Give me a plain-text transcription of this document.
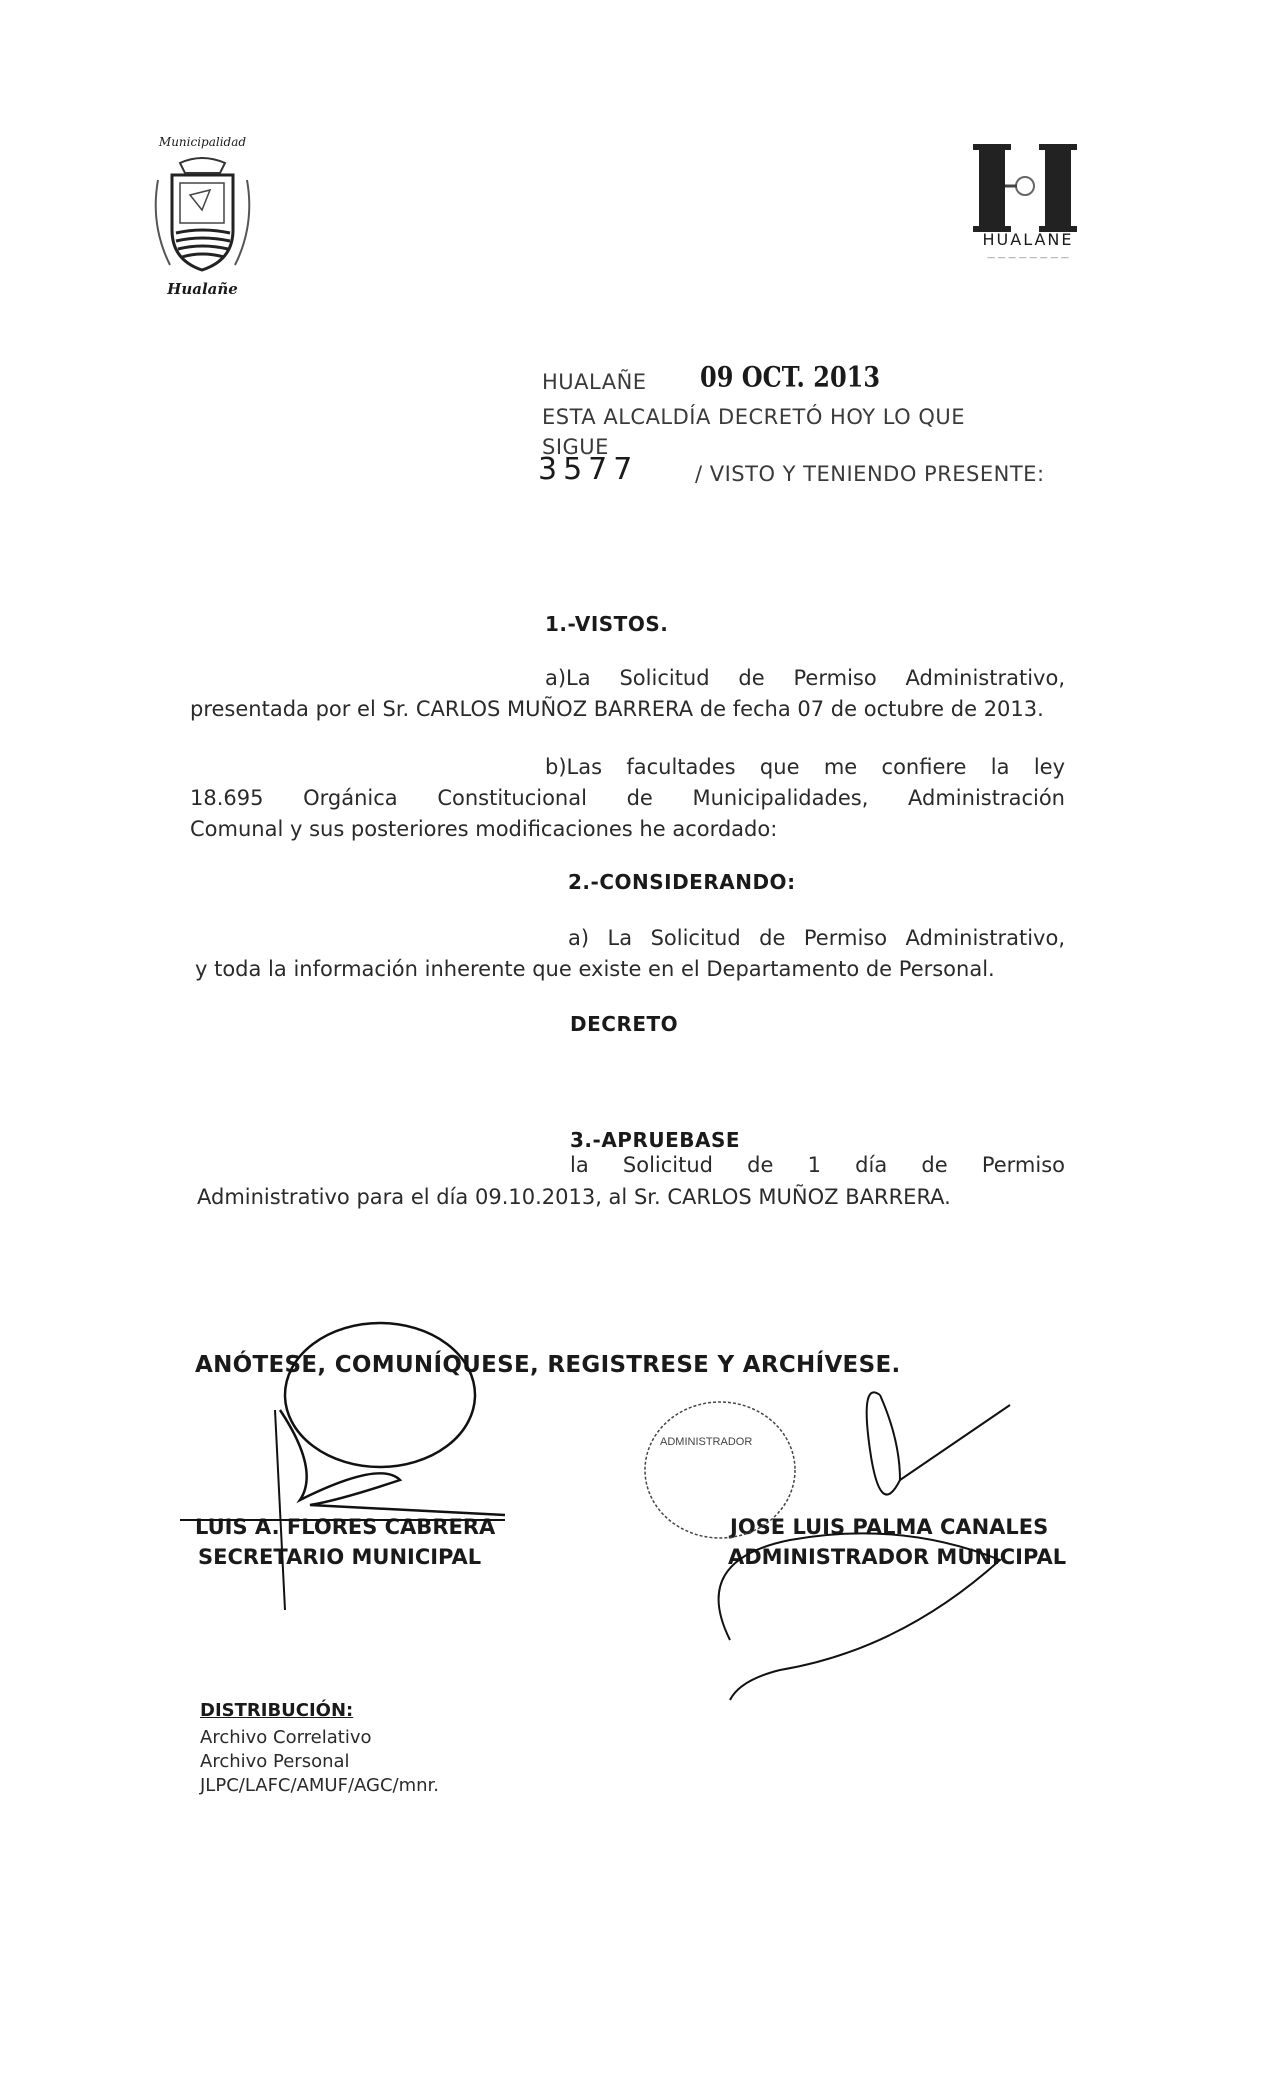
Municipalidad
Hualañe
HUALANE
— — — — — — — —
HUALAÑE 09 OCT. 2013
ESTA ALCALDÍA DECRETÓ HOY LO QUE
SIGUE
3577	/ VISTO Y TENIENDO PRESENTE:
1.-VISTOS.
a)La Solicitud de Permiso Administrativo,
presentada por el Sr. CARLOS MUÑOZ BARRERA de fecha 07 de octubre de 2013.
b)Las facultades que me confiere la ley
18.695 Orgánica Constitucional de Municipalidades, Administración
Comunal y sus posteriores modificaciones he acordado:
2.-CONSIDERANDO:
a) La Solicitud de Permiso Administrativo,
y toda la información inherente que existe en el Departamento de Personal.
DECRETO
3.-APRUEBASE
la Solicitud de 1 día de Permiso
Administrativo para el día 09.10.2013, al Sr. CARLOS MUÑOZ BARRERA.
ANÓTESE, COMUNÍQUESE, REGISTRESE Y ARCHÍVESE.
LUIS A. FLORES CABRERA
SECRETARIO MUNICIPAL
JOSE LUIS PALMA CANALES
ADMINISTRADOR MUNICIPAL
ADMINISTRADOR
DISTRIBUCIÓN:
Archivo Correlativo
Archivo Personal
JLPC/LAFC/AMUF/AGC/mnr.
